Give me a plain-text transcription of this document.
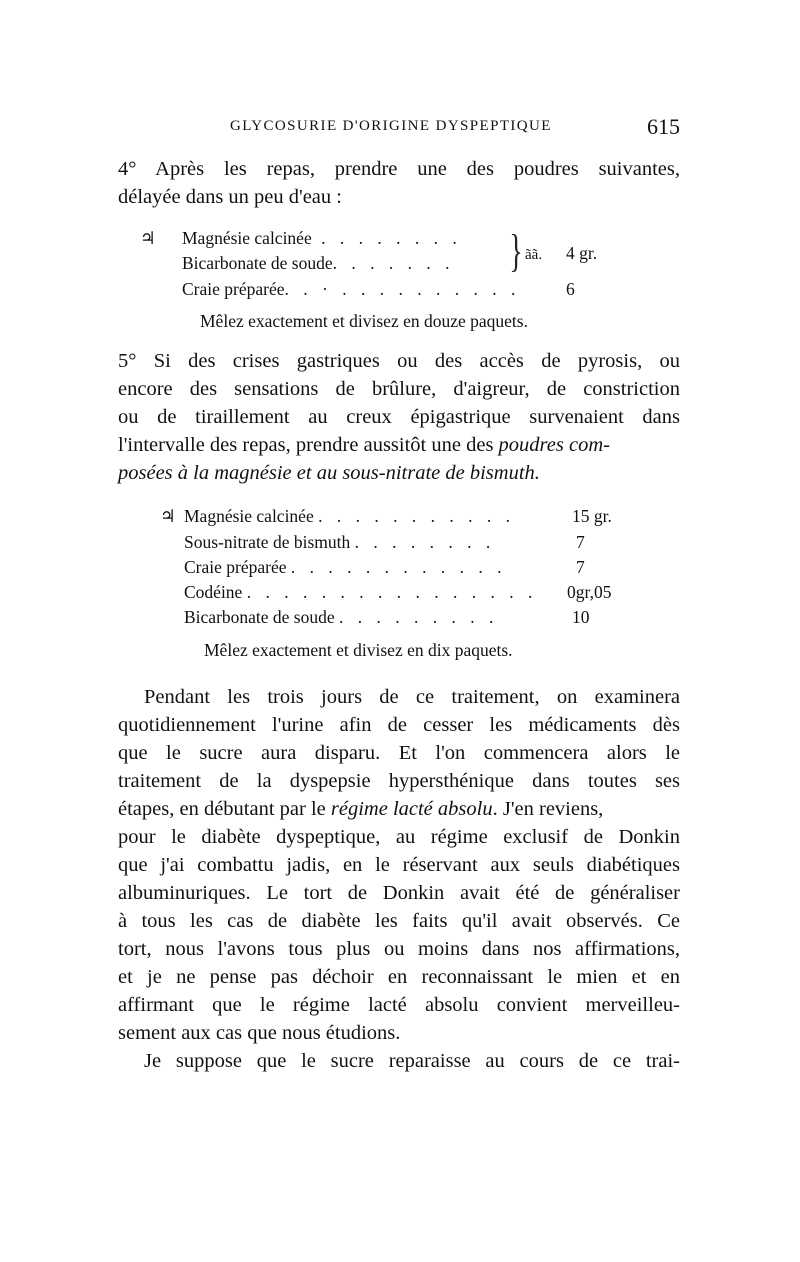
GLYCOSURIE D'ORIGINE DYSPEPTIQUE	615
4° Après les repas, prendre une des poudres suivantes,
délayée dans un peu d'eau :
♃ Magnésie calcinée . . . . . . . .
Bicarbonate de soude. . . . . . . } ãã. 4 gr.
Craie préparée. . · . . . . . . . . . .	6
Mêlez exactement et divisez en douze paquets.
5° Si des crises gastriques ou des accès de pyrosis, ou
encore des sensations de brûlure, d'aigreur, de constriction
ou de tiraillement au creux épigastrique survenaient dans
l'intervalle des repas, prendre aussitôt une des poudres com-
posées à la magnésie et au sous-nitrate de bismuth.
♃ Magnésie calcinée . . . . . . . . . . .	15 gr.
Sous-nitrate de bismuth . . . . . . . .	7
Craie préparée . . . . . . . . . . . .	7
Codéine . . . . . . . . . . . . . . . . 0gr,05
Bicarbonate de soude . . . . . . . . .	10
Mêlez exactement et divisez en dix paquets.
Pendant les trois jours de ce traitement, on examinera
quotidiennement l'urine afin de cesser les médicaments dès
que le sucre aura disparu. Et l'on commencera alors le
traitement de la dyspepsie hypersthénique dans toutes ses
étapes, en débutant par le régime lacté absolu. J'en reviens,
pour le diabète dyspeptique, au régime exclusif de Donkin
que j'ai combattu jadis, en le réservant aux seuls diabétiques
albuminuriques. Le tort de Donkin avait été de généraliser
à tous les cas de diabète les faits qu'il avait observés. Ce
tort, nous l'avons tous plus ou moins dans nos affirmations,
et je ne pense pas déchoir en reconnaissant le mien et en
affirmant que le régime lacté absolu convient merveilleu-
sement aux cas que nous étudions.
Je suppose que le sucre reparaisse au cours de ce trai-
